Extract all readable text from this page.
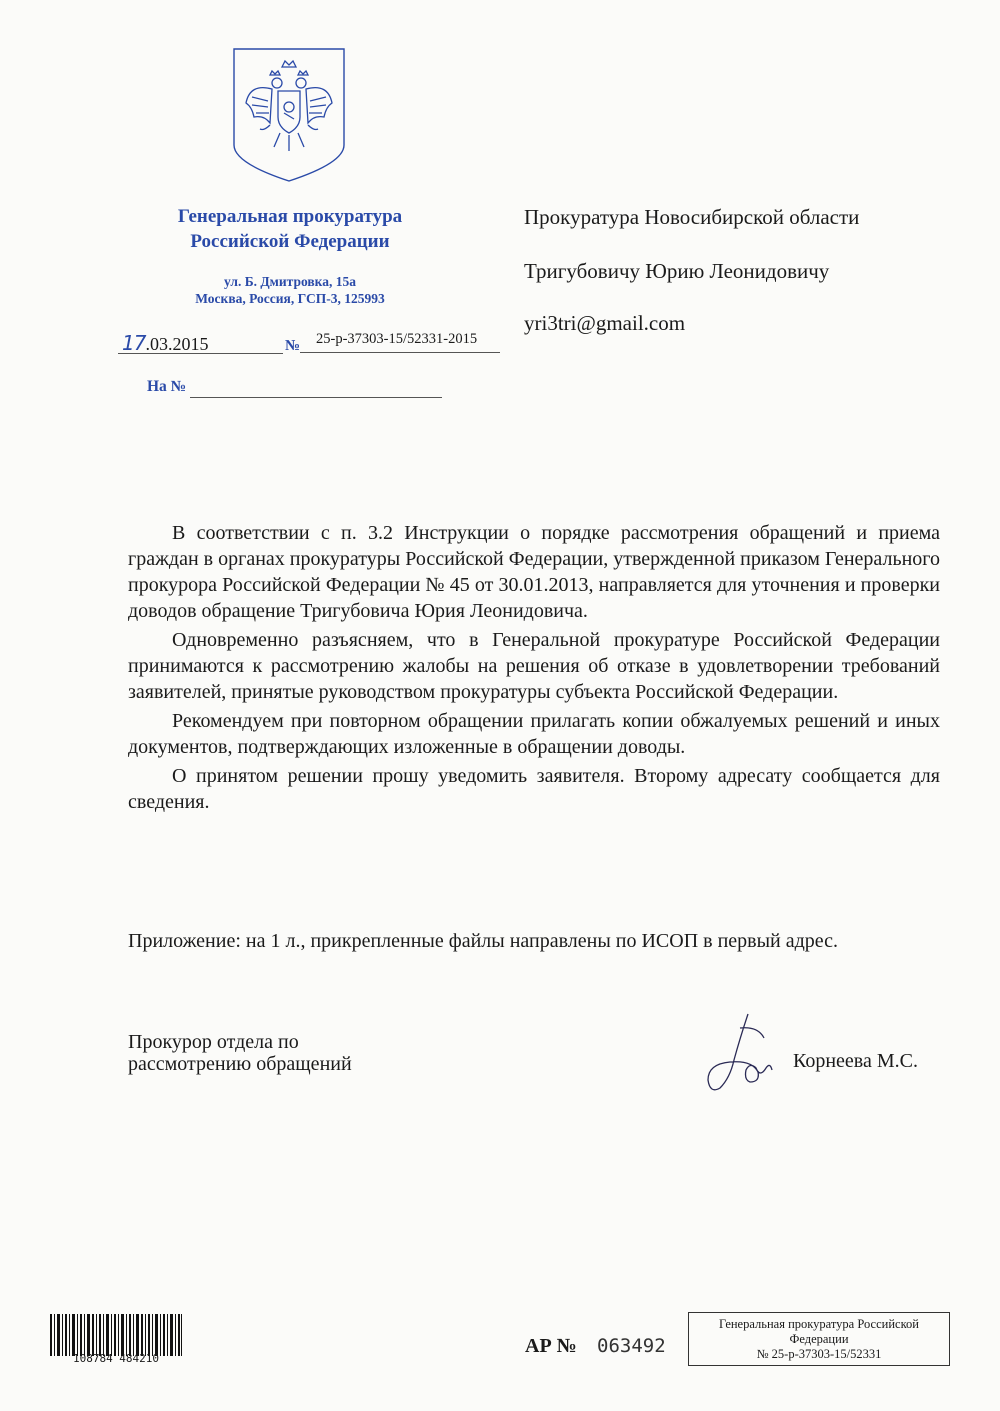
Генеральная прокуратура
Российской Федерации
ул. Б. Дмитровка, 15а
Москва, Россия, ГСП-3, 125993
17.03.2015	№	25-р-37303-15/52331-2015
На №

Прокуратура Новосибирской области

Тригубовичу Юрию Леонидовичу

yri3tri@gmail.com

В соответствии с п. 3.2 Инструкции о порядке рассмотрения обращений и приема граждан в органах прокуратуры Российской Федерации, утвержденной приказом Генерального прокурора Российской Федерации № 45 от 30.01.2013, направляется для уточнения и проверки доводов обращение Тригубовича Юрия Леонидовича.

Одновременно разъясняем, что в Генеральной прокуратуре Российской Федерации принимаются к рассмотрению жалобы на решения об отказе в удовлетворении требований заявителей, принятые руководством прокуратуры субъекта Российской Федерации.

Рекомендуем при повторном обращении прилагать копии обжалуемых решений и иных документов, подтверждающих изложенные в обращении доводы.

О принятом решении прошу уведомить заявителя. Второму адресату сообщается для сведения.

Приложение: на 1 л., прикрепленные файлы направлены по ИСОП в первый адрес.
Прокурор отдела по
рассмотрению обращений	Корнеева М.С.
108784 484210
АР № 063492
Генеральная прокуратура Российской
Федерации
№ 25-р-37303-15/52331
